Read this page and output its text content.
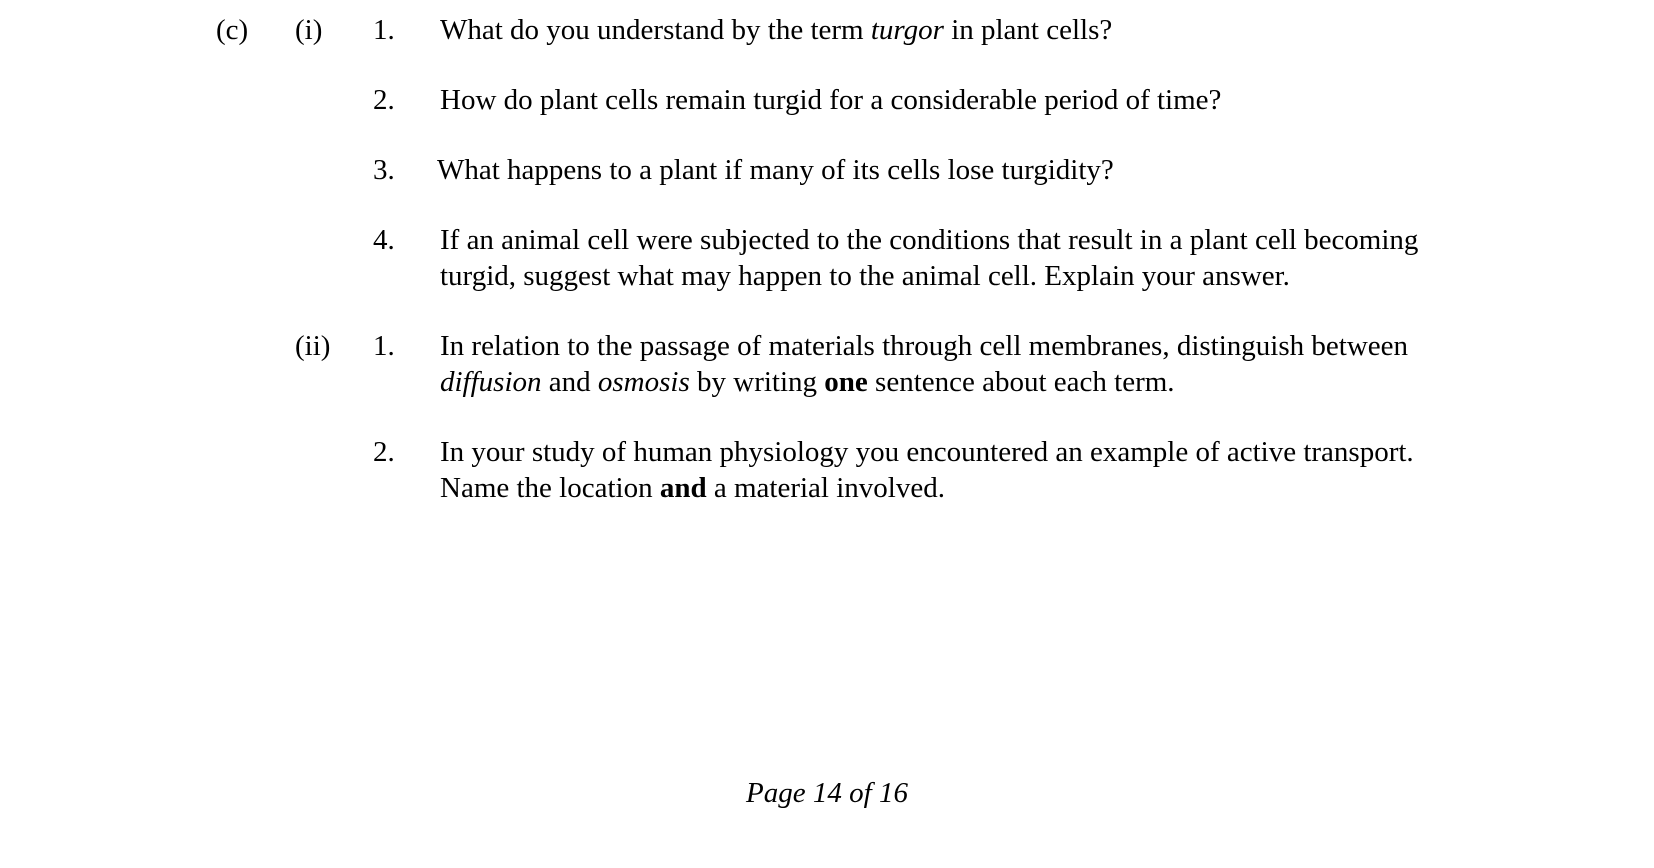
(c) (i)
(ii)
1. What do you understand by the term turgor in plant cells?
2. How do plant cells remain turgid for a considerable period of time?
3. What happens to a plant if many of its cells lose turgidity?
4. If an animal cell were subjected to the conditions that result in a plant cell becoming
turgid, suggest what may happen to the animal cell. Explain your answer.
1. In relation to the passage of materials through cell membranes, distinguish between
diffusion and osmosis by writing one sentence about each term.
2. In your study of human physiology you encountered an example of active transport.
Name the location and a material involved.
Page 14 of 16
